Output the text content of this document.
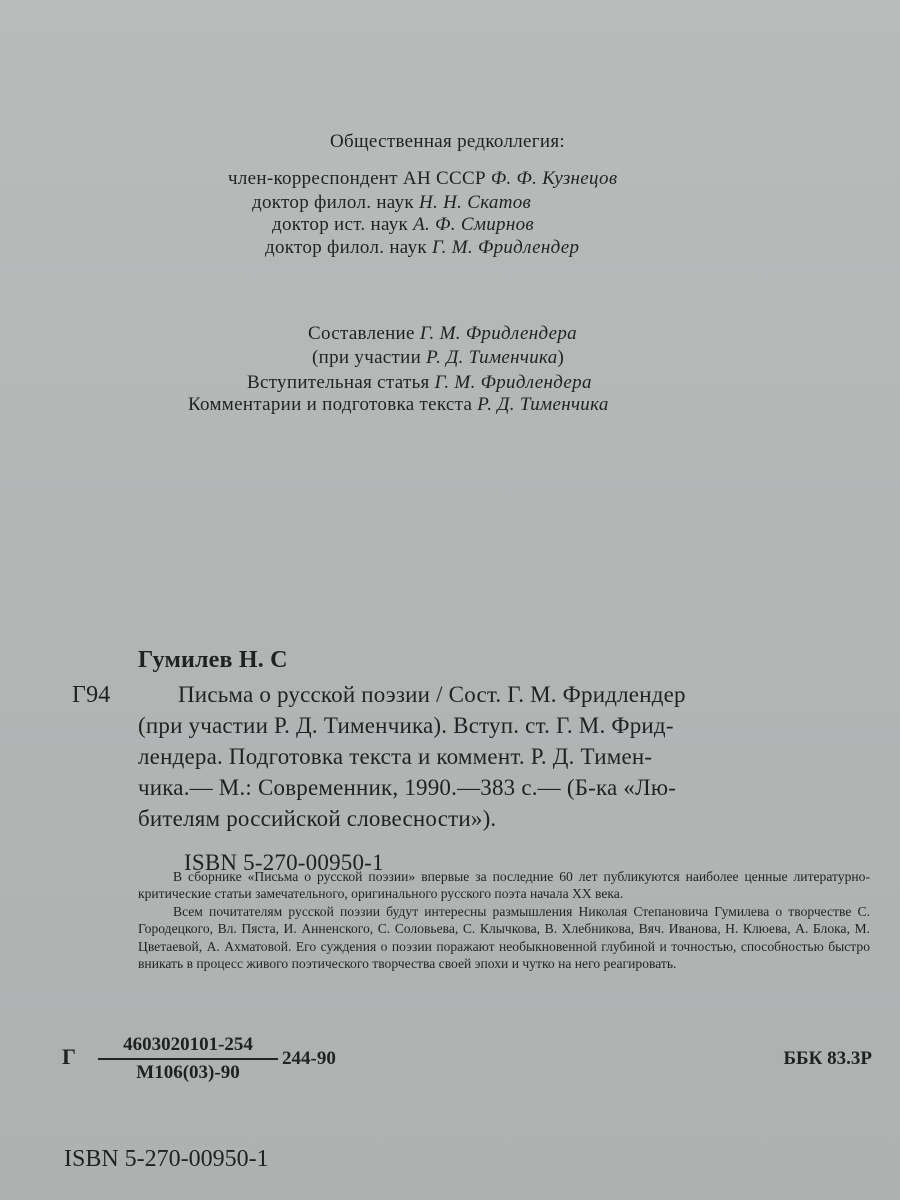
Общественная редколлегия:
член-корреспондент АН СССР Ф. Ф. Кузнецов
доктор филол. наук Н. Н. Скатов
доктор ист. наук А. Ф. Смирнов
доктор филол. наук Г. М. Фридлендер
Составление Г. М. Фридлендера
(при участии Р. Д. Тименчика)
Вступительная статья Г. М. Фридлендера
Комментарии и подготовка текста Р. Д. Тименчика
Гумилев Н. С
Г94	Письма о русской поэзии / Сост. Г. М. Фридлендер
(при участии Р. Д. Тименчика). Вступ. ст. Г. М. Фрид-
лендера. Подготовка текста и коммент. Р. Д. Тимен-
чика.— М.: Современник, 1990.—383 с.— (Б-ка «Лю-
бителям российской словесности»).
ISBN 5-270-00950-1

В сборнике «Письма о русской поэзии» впервые за последние 60 лет публикуются наиболее ценные литературно-критические статьи замечательного, оригинального русского поэта начала XX века.

Всем почитателям русской поэзии будут интересны размышления Николая Степановича Гумилева о творчестве С. Городецкого, Вл. Пяста, И. Анненского, С. Соловьева, С. Клычкова, В. Хлебникова, Вяч. Иванова, Н. Клюева, А. Блока, М. Цветаевой, А. Ахматовой. Его суждения о поэзии поражают необыкновенной глубиной и точностью, способностью быстро вникать в процесс живого поэтического творчества своей эпохи и чутко на него реагировать.

Г	4603020101-254
М106(03)-90
244-90	ББК 83.3Р
ISBN 5-270-00950-1
